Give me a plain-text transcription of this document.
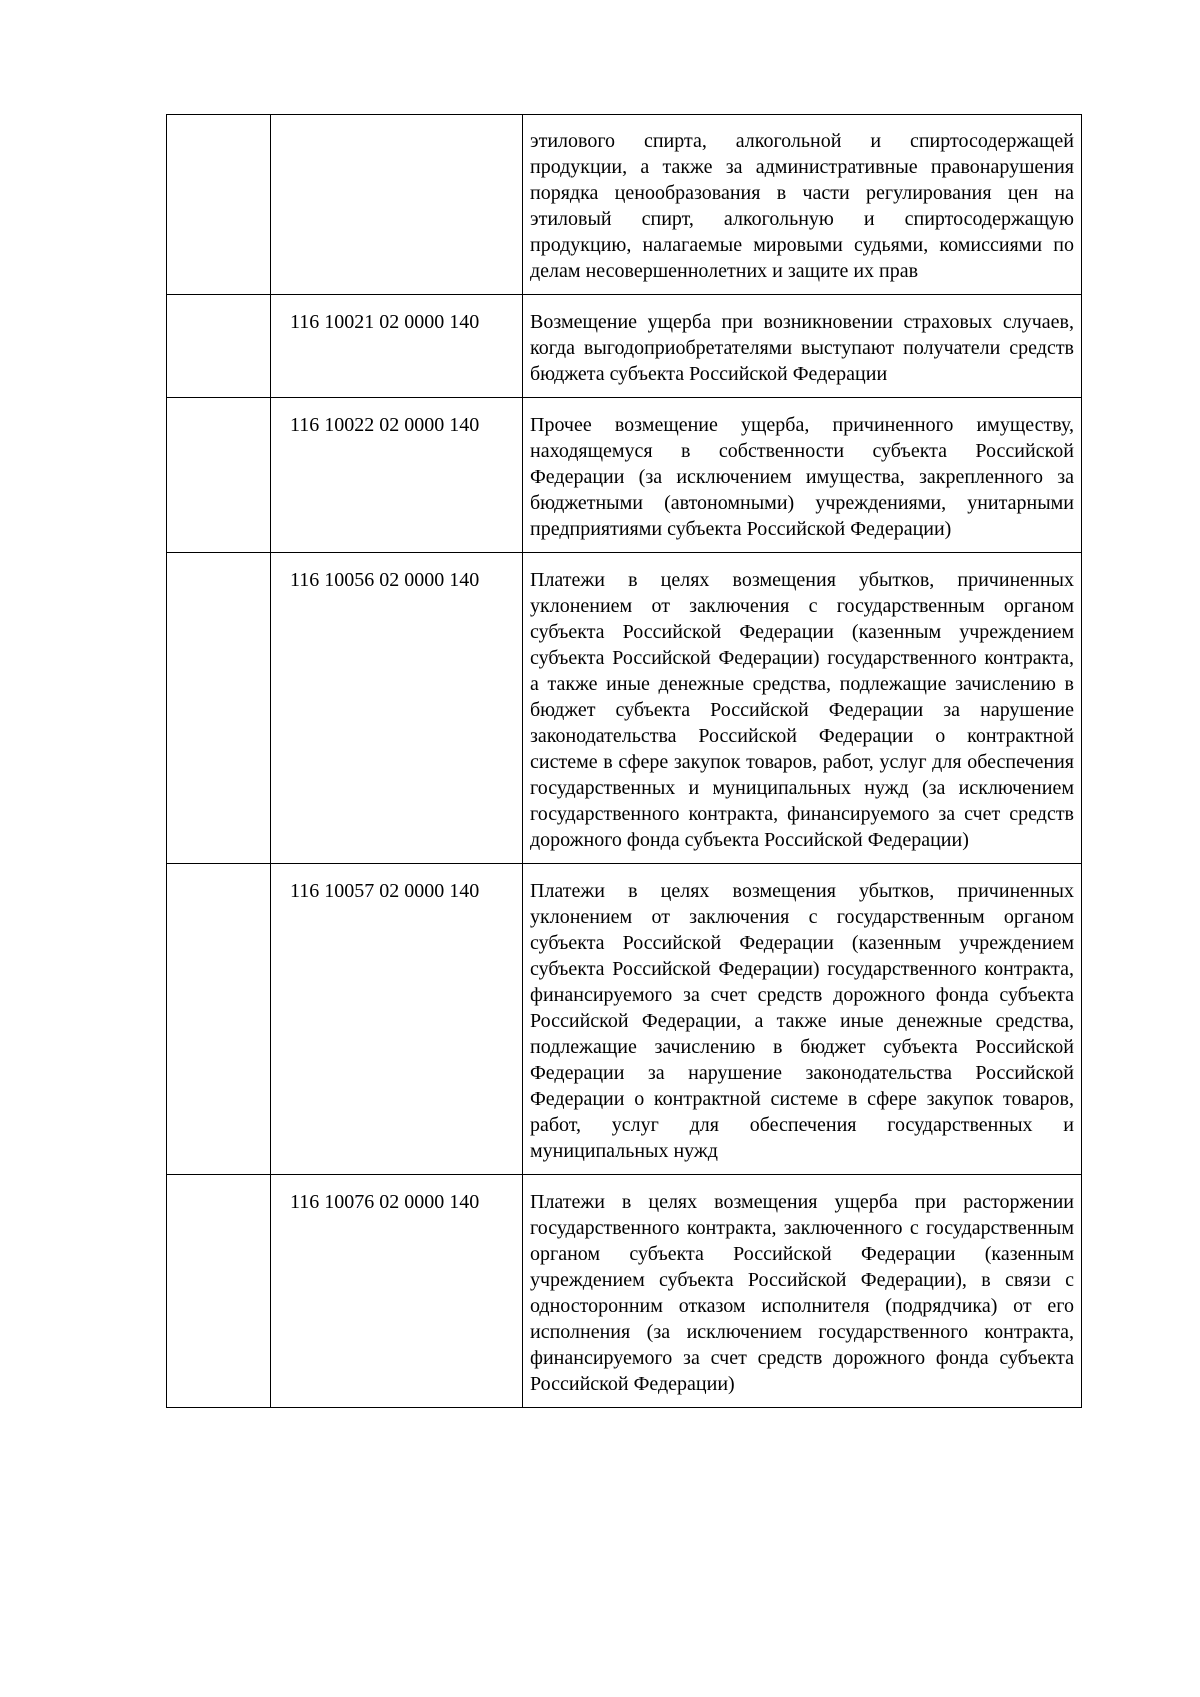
		этилового спирта, алкогольной и спиртосодержащей продукции, а также за административные правонарушения порядка ценообразования в части регулирования цен на этиловый спирт, алкогольную и спиртосодержащую продукцию, налагаемые мировыми судьями, комиссиями по делам несовершеннолетних и защите их прав
	116 10021 02 0000 140	Возмещение ущерба при возникновении страховых случаев, когда выгодоприобретателями выступают получатели средств бюджета субъекта Российской Федерации
	116 10022 02 0000 140	Прочее возмещение ущерба, причиненного имуществу, находящемуся в собственности субъекта Российской Федерации (за исключением имущества, закрепленного за бюджетными (автономными) учреждениями, унитарными предприятиями субъекта Российской Федерации)
	116 10056 02 0000 140	Платежи в целях возмещения убытков, причиненных уклонением от заключения с государственным органом субъекта Российской Федерации (казенным учреждением субъекта Российской Федерации) государственного контракта, а также иные денежные средства, подлежащие зачислению в бюджет субъекта Российской Федерации за нарушение законодательства Российской Федерации о контрактной системе в сфере закупок товаров, работ, услуг для обеспечения государственных и муниципальных нужд (за исключением государственного контракта, финансируемого за счет средств дорожного фонда субъекта Российской Федерации)
	116 10057 02 0000 140	Платежи в целях возмещения убытков, причиненных уклонением от заключения с государственным органом субъекта Российской Федерации (казенным учреждением субъекта Российской Федерации) государственного контракта, финансируемого за счет средств дорожного фонда субъекта Российской Федерации, а также иные денежные средства, подлежащие зачислению в бюджет субъекта Российской Федерации за нарушение законодательства Российской Федерации о контрактной системе в сфере закупок товаров, работ, услуг для обеспечения государственных и муниципальных нужд
	116 10076 02 0000 140	Платежи в целях возмещения ущерба при расторжении государственного контракта, заключенного с государственным органом субъекта Российской Федерации (казенным учреждением субъекта Российской Федерации), в связи с односторонним отказом исполнителя (подрядчика) от его исполнения (за исключением государственного контракта, финансируемого за счет средств дорожного фонда субъекта Российской Федерации)
